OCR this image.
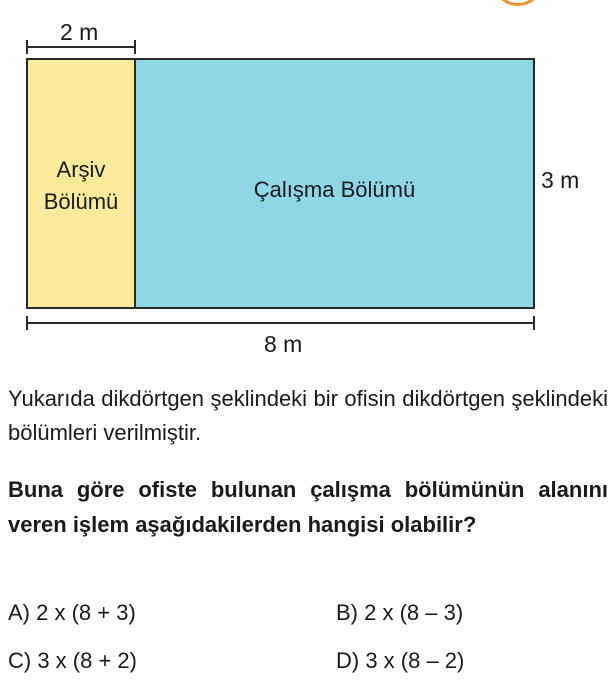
2 m
3 m
8 m
Arşiv
Bölümü	Çalışma Bölümü
Yukarıda dikdörtgen şeklindeki bir ofisin dikdörtgen şeklindeki bölümleri verilmiştir.
Buna göre ofiste bulunan çalışma bölümünün alanını veren işlem aşağıdakilerden hangisi olabilir?
A) 2 x (8 + 3)	B) 2 x (8 – 3)
C) 3 x (8 + 2)	D) 3 x (8 – 2)
